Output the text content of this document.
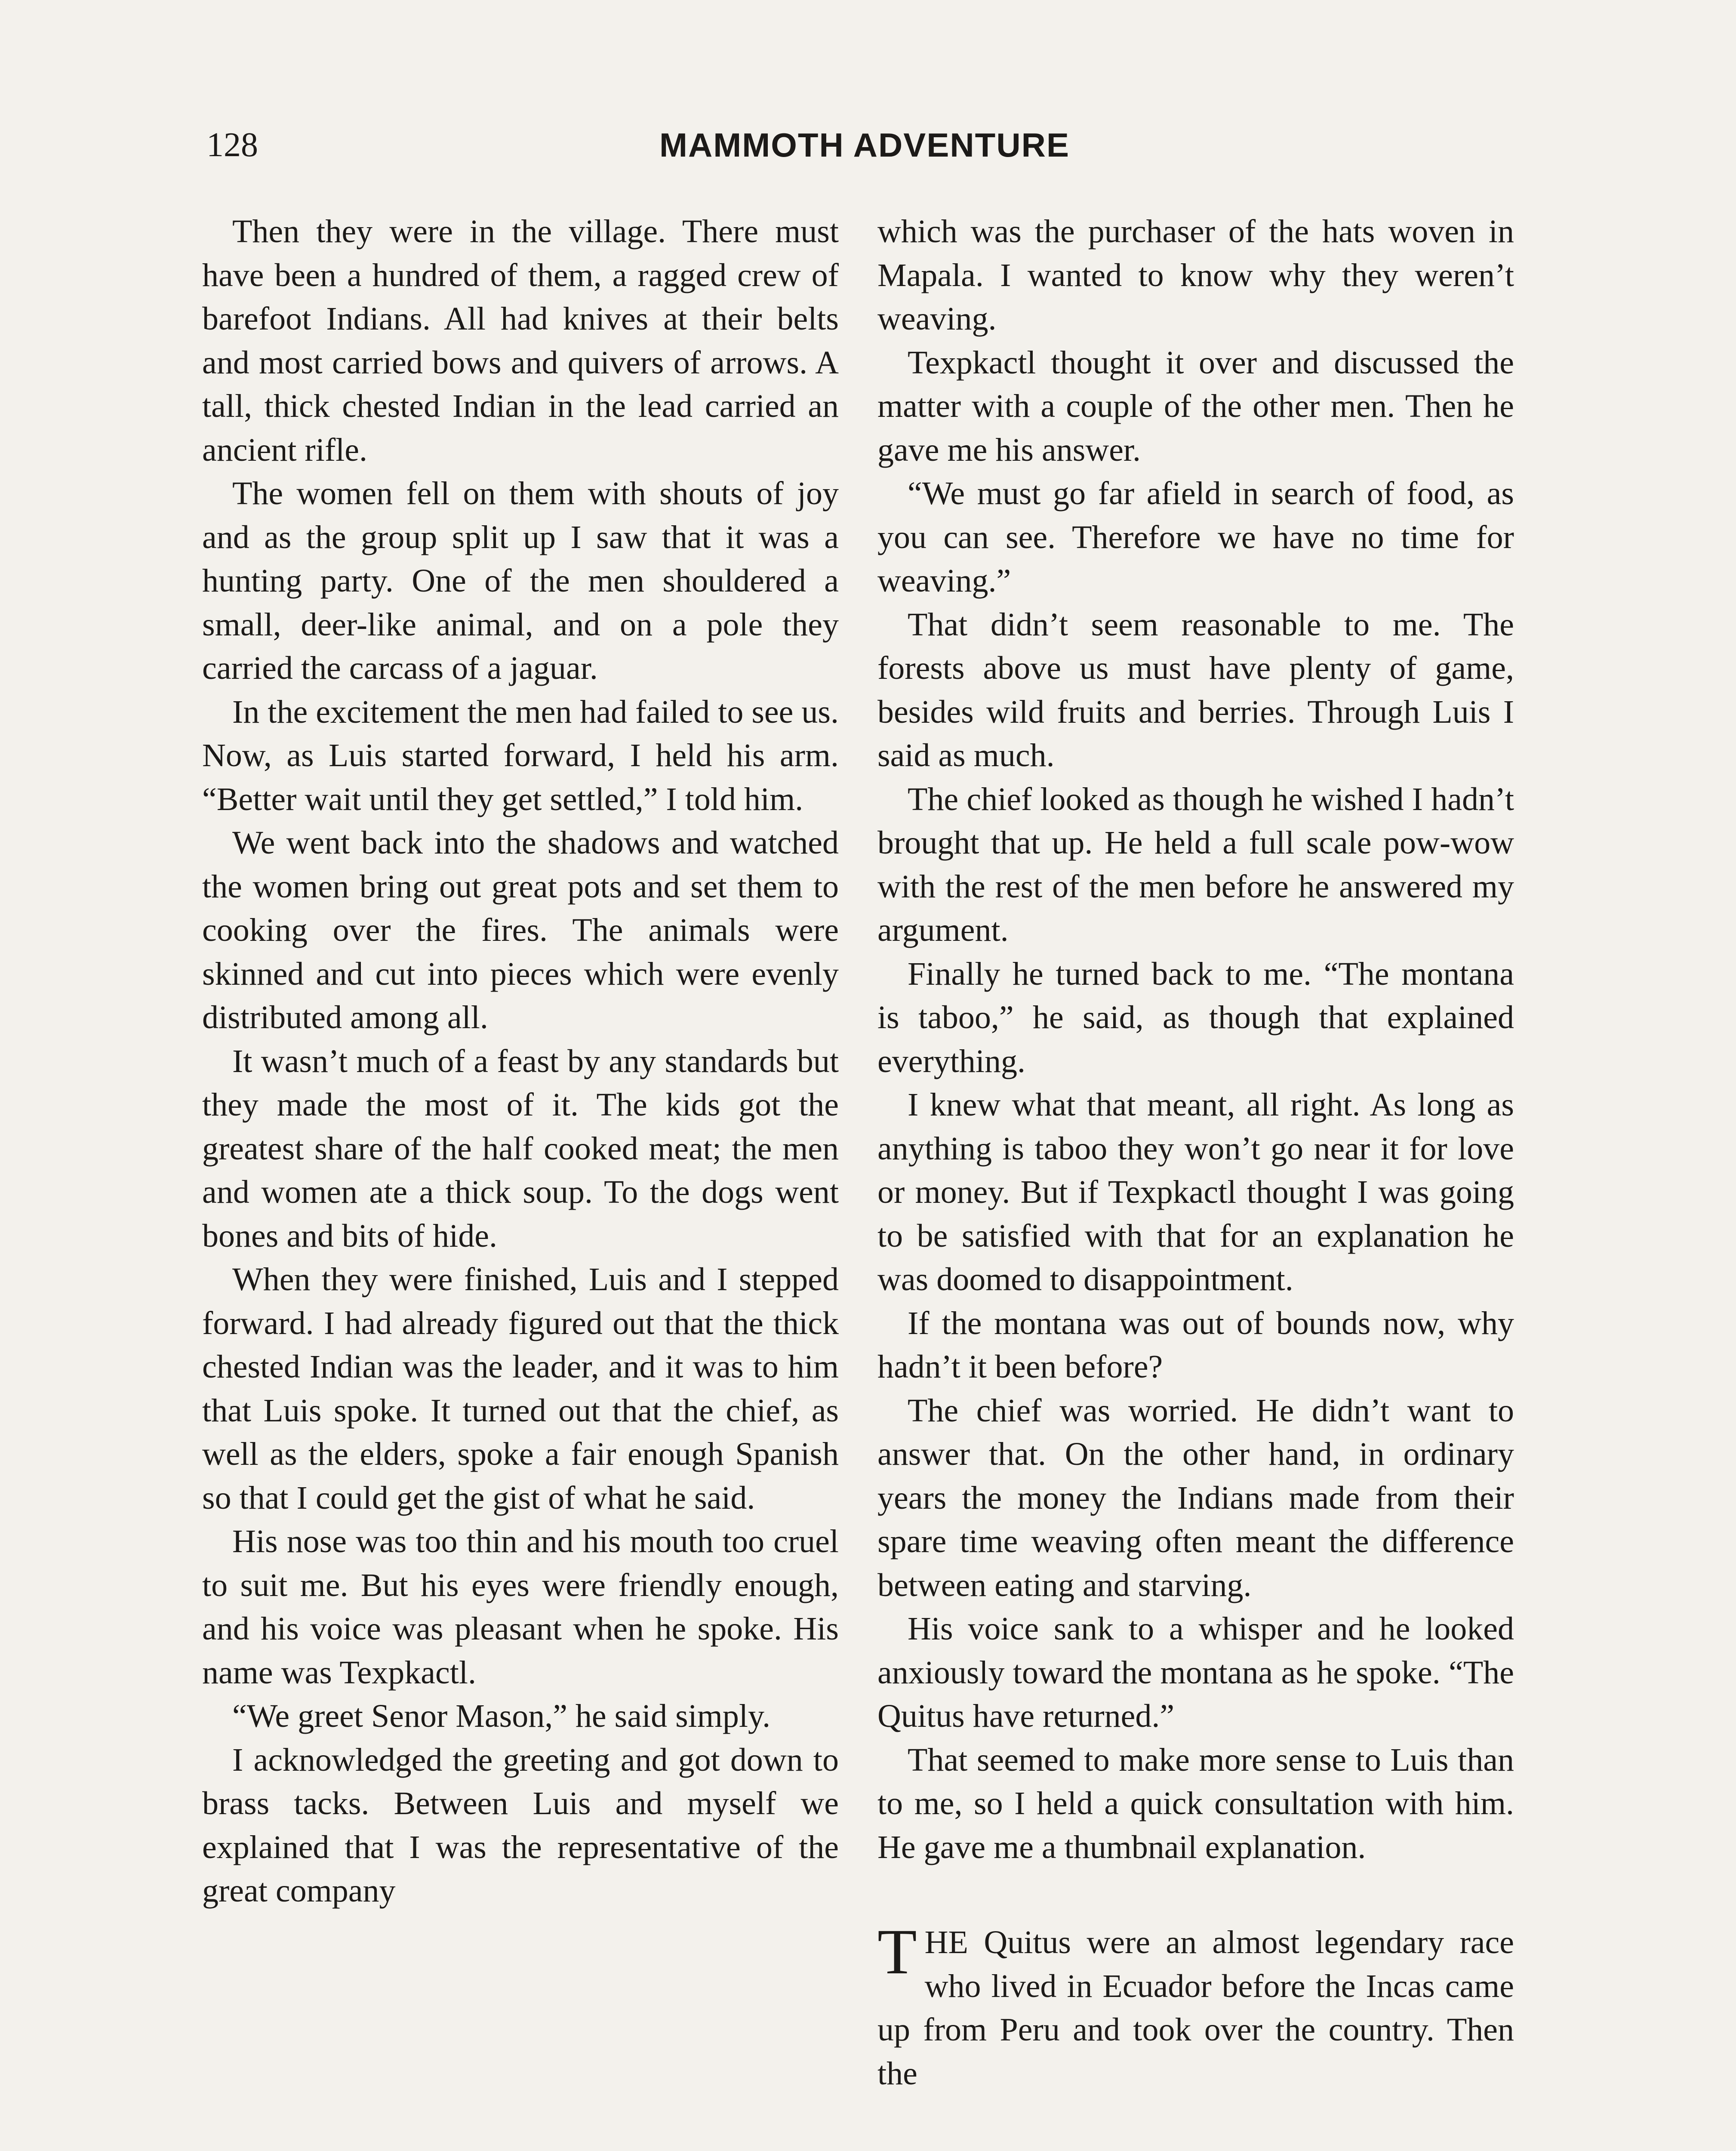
128	MAMMOTH ADVENTURE

Then they were in the village. There must have been a hundred of them, a ragged crew of barefoot Indians. All had knives at their belts and most carried bows and quivers of arrows. A tall, thick chested Indian in the lead carried an ancient rifle.

The women fell on them with shouts of joy and as the group split up I saw that it was a hunting party. One of the men shouldered a small, deer-like animal, and on a pole they carried the carcass of a jaguar.

In the excitement the men had failed to see us. Now, as Luis started forward, I held his arm. “Better wait until they get settled,” I told him.

We went back into the shadows and watched the women bring out great pots and set them to cooking over the fires. The animals were skinned and cut into pieces which were evenly distributed among all.

It wasn’t much of a feast by any standards but they made the most of it. The kids got the greatest share of the half cooked meat; the men and women ate a thick soup. To the dogs went bones and bits of hide.

When they were finished, Luis and I stepped forward. I had already figured out that the thick chested Indian was the leader, and it was to him that Luis spoke. It turned out that the chief, as well as the elders, spoke a fair enough Spanish so that I could get the gist of what he said.

His nose was too thin and his mouth too cruel to suit me. But his eyes were friendly enough, and his voice was pleasant when he spoke. His name was Texpkactl.

“We greet Senor Mason,” he said simply.

I acknowledged the greeting and got down to brass tacks. Between Luis and myself we explained that I was the representative of the great company

which was the purchaser of the hats woven in Mapala. I wanted to know why they weren’t weaving.

Texpkactl thought it over and discussed the matter with a couple of the other men. Then he gave me his answer.

“We must go far afield in search of food, as you can see. Therefore we have no time for weaving.”

That didn’t seem reasonable to me. The forests above us must have plenty of game, besides wild fruits and berries. Through Luis I said as much.

The chief looked as though he wished I hadn’t brought that up. He held a full scale pow-wow with the rest of the men before he answered my argument.

Finally he turned back to me. “The montana is taboo,” he said, as though that explained everything.

I knew what that meant, all right. As long as anything is taboo they won’t go near it for love or money. But if Texpkactl thought I was going to be satisfied with that for an explanation he was doomed to disappointment.

If the montana was out of bounds now, why hadn’t it been before?

The chief was worried. He didn’t want to answer that. On the other hand, in ordinary years the money the Indians made from their spare time weaving often meant the difference between eating and starving.

His voice sank to a whisper and he looked anxiously toward the montana as he spoke. “The Quitus have returned.”

That seemed to make more sense to Luis than to me, so I held a quick consultation with him. He gave me a thumbnail explanation.

THE Quitus were an almost legendary race who lived in Ecuador before the Incas came up from Peru and took over the country. Then the
